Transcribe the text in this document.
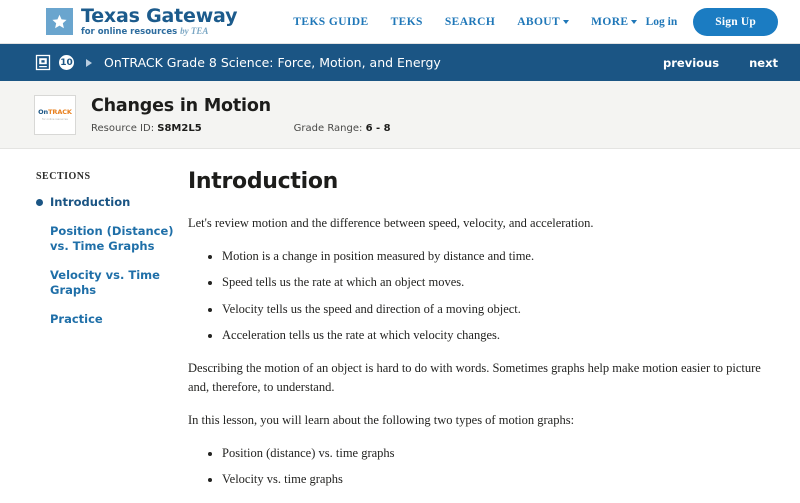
Texas Gateway
for online resources by TEA
TEKS GUIDE TEKS SEARCH ABOUT	MORE	Log in	Sign Up
10 OnTRACK Grade 8 Science: Force, Motion, and Energy	previous	next
OnTRACK
for online resources
Changes in Motion
Resource ID: S8M2L5	Grade Range: 6 - 8
SECTIONS
Introduction
Position (Distance) vs. Time Graphs
Velocity vs. Time Graphs
Practice
Introduction

Let's review motion and the difference between speed, velocity, and acceleration.

• Motion is a change in position measured by distance and time.
• Speed tells us the rate at which an object moves.
• Velocity tells us the speed and direction of a moving object.
• Acceleration tells us the rate at which velocity changes.

Describing the motion of an object is hard to do with words. Sometimes graphs help make motion easier to picture and, therefore, to understand.

In this lesson, you will learn about the following two types of motion graphs:

• Position (distance) vs. time graphs
• Velocity vs. time graphs
